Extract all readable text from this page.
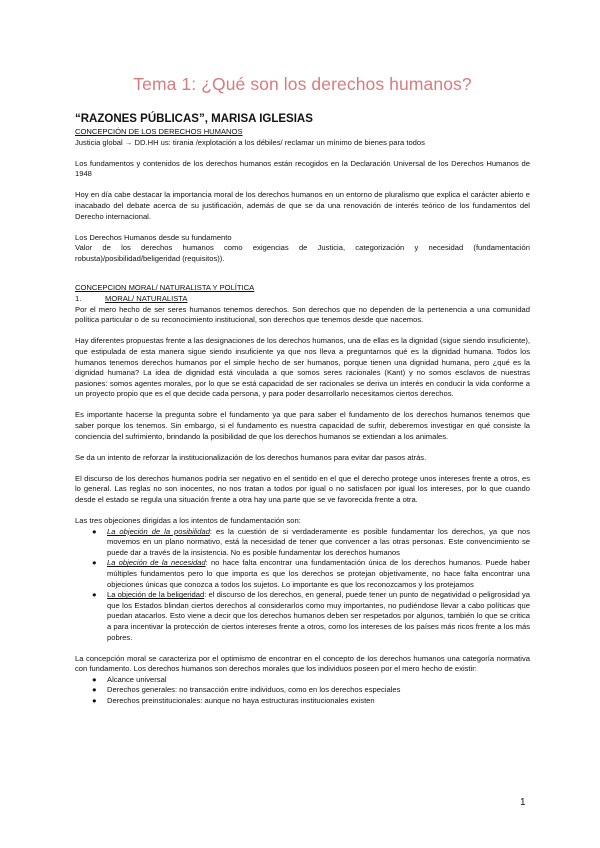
Tema 1: ¿Qué son los derechos humanos?
“RAZONES PÚBLICAS”, MARISA IGLESIAS

CONCEPCIÓN DE LOS DERECHOS HUMANOS

Justicia global → DD.HH us: tirania /explotación a los débiles/ reclamar un mínimo de bienes para todos

Los fundamentos y contenidos de los derechos humanos están recogidos en la Declaración Universal de los Derechos Humanos de 1948

Hoy en día cabe destacar la importancia moral de los derechos humanos en un entorno de pluralismo que explica el carácter abierto e inacabado del debate acerca de su justificación, además de que se da una renovación de interés teórico de los fundamentos del Derecho internacional.

Los Derechos Humanos desde su fundamento

Valor de los derechos humanos como exigencias de Justicia, categorización y necesidad (fundamentación robusta)/posibilidad/beligeridad (requisitos)).

CONCEPCION MORAL/ NATURALISTA Y POLÍTICA

1.	MORAL/ NATURALISTA

Por el mero hecho de ser seres humanos tenemos derechos. Son derechos que no dependen de la pertenencia a una comunidad política particular o de su reconocimiento institucional, son derechos que tenemos desde que nacemos.

Hay diferentes propuestas frente a las designaciones de los derechos humanos, una de ellas es la dignidad (sigue siendo insuficiente), que estipulada de esta manera sigue siendo insuficiente ya que nos lleva a preguntarnos qué es la dignidad humana. Todos los humanos tenemos derechos humanos por el simple hecho de ser humanos, porque tienen una dignidad humana, pero ¿qué es la dignidad humana? La idea de dignidad está vinculada a que somos seres racionales (Kant) y no somos esclavos de nuestras pasiones: somos agentes morales, por lo que se está capacidad de ser racionales se deriva un interés en conducir la vida conforme a un proyecto propio que es el que decide cada persona, y para poder desarrollarlo necesitamos ciertos derechos.

Es importante hacerse la pregunta sobre el fundamento ya que para saber el fundamento de los derechos humanos tenemos que saber porque los tenemos. Sin embargo, si el fundamento es nuestra capacidad de sufrir, deberemos investigar en qué consiste la conciencia del sufrimiento, brindando la posibilidad de que los derechos humanos se extiendan a los animales.

Se da un intento de reforzar la institucionalización de los derechos humanos para evitar dar pasos atrás.

El discurso de los derechos humanos podría ser negativo en el sentido en el que el derecho protege unos intereses frente a otros, es lo general. Las reglas no son inocentes, no nos tratan a todos por igual o no satisfacen por igual los intereses, por lo que cuando desde el estado se regula una situación frente a otra hay una parte que se ve favorecida frente a otra.

Las tres objeciones dirigidas a los intentos de fundamentación son:

● La objeción de la posibilidad: es la cuestión de si verdaderamente es posible fundamentar los derechos, ya que nos movemos en un plano normativo, está la necesidad de tener que convencer a las otras personas. Este convencimiento se puede dar a través de la insistencia. No es posible fundamentar los derechos humanos
● La objeción de la necesidad: no hace falta encontrar una fundamentación única de los derechos humanos. Puede haber múltiples fundamentos pero lo que importa es que los derechos se protejan objetivamente, no hace falta encontrar una objeciones únicas que conozca a todos los sujetos. Lo importante es que los reconozcamos y los protejamos
● La objeción de la beligeridad: el discurso de los derechos, en general, puede tener un punto de negatividad o peligrosidad ya que los Estados blindan ciertos derechos al considerarlos como muy importantes, no pudiéndose llevar a cabo políticas que puedan atacarlos. Esto viene a decir que los derechos humanos deben ser respetados por algunos, también lo que se critica a para incentivar la protección de ciertos intereses frente a otros, como los intereses de los países más ricos frente a los más pobres.

La concepción moral se caracteriza por el optimismo de encontrar en el concepto de los derechos humanos una categoría normativa con fundamento. Los derechos humanos son derechos morales que los individuos poseen por el mero hecho de existir:

● Alcance universal
● Derechos generales: no transacción entre individuos, como en los derechos especiales
● Derechos preinstitucionales: aunque no haya estructuras institucionales existen
1
